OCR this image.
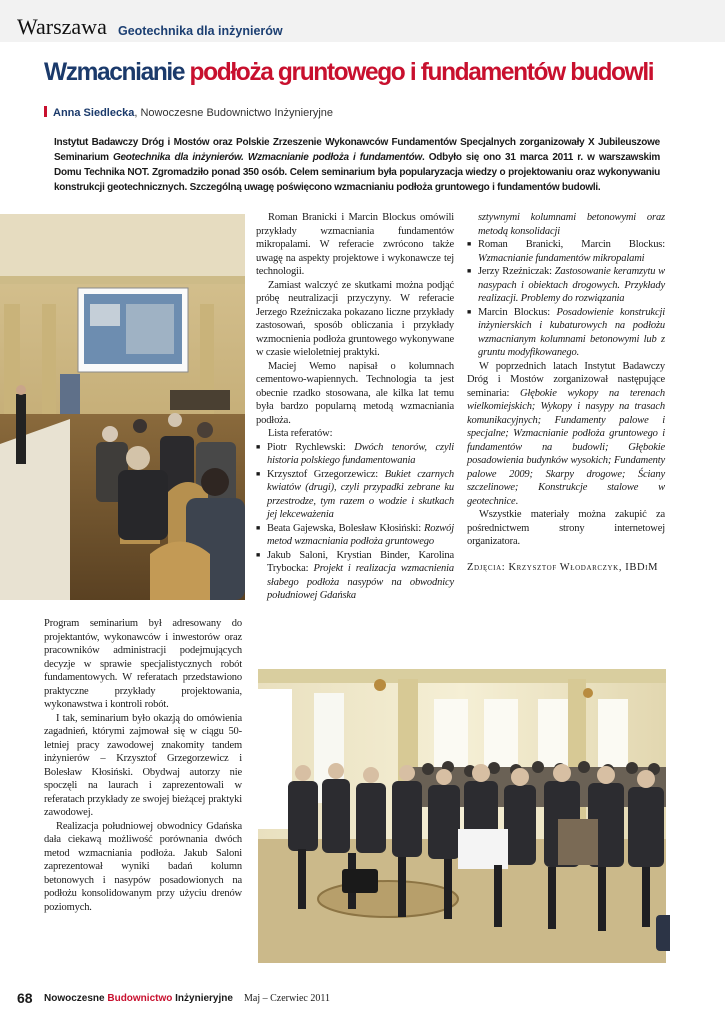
Warszawa Geotechnika dla inżynierów
Wzmacnianie podłoża gruntowego i fundamentów budowli
Anna Siedlecka, Nowoczesne Budownictwo Inżynieryjne
Instytut Badawczy Dróg i Mostów oraz Polskie Zrzeszenie Wykonawców Fundamentów Specjalnych zorganizowały X Jubileuszowe Seminarium Geotechnika dla inżynierów. Wzmacnianie podłoża i fundamentów. Odbyło się ono 31 marca 2011 r. w warszawskim Domu Technika NOT. Zgromadziło ponad 350 osób. Celem seminarium była popularyzacja wiedzy o projektowaniu oraz wykonywaniu konstrukcji geotechnicznych. Szczególną uwagę poświęcono wzmacnianiu podłoża gruntowego i fundamentów budowli.

Program seminarium był adresowany do projektantów, wykonawców i inwestorów oraz pracowników administracji podejmujących decyzje w sprawie specjalistycznych robót fundamentowych. W referatach przedstawiono praktyczne przykłady projektowania, wykonawstwa i kontroli robót.

I tak, seminarium było okazją do omówienia zagadnień, którymi zajmował się w ciągu 50-letniej pracy zawodowej znakomity tandem inżynierów – Krzysztof Grzegorzewicz i Bolesław Kłosiński. Obydwaj autorzy nie spoczęli na laurach i zaprezentowali w referatach przykłady ze swojej bieżącej praktyki zawodowej.

Realizacja południowej obwodnicy Gdańska dała ciekawą możliwość porównania dwóch metod wzmacniania podłoża. Jakub Saloni zaprezentował wyniki badań kolumn betonowych i nasypów posadowionych na podłożu konsolidowanym przy użyciu drenów poziomych.

Roman Branicki i Marcin Blockus omówili przykłady wzmacniania fundamentów mikropalami. W referacie zwrócono także uwagę na aspekty projektowe i wykonawcze tej technologii.

Zamiast walczyć ze skutkami można podjąć próbę neutralizacji przyczyny. W referacie Jerzego Rzeźniczaka pokazano liczne przykłady zastosowań, sposób obliczania i przykłady wzmocnienia podłoża gruntowego wykonywane w czasie wieloletniej praktyki.

Maciej Wemo napisał o kolumnach cementowo-wapiennych. Technologia ta jest obecnie rzadko stosowana, ale kilka lat temu była bardzo popularną metodą wzmacniania podłoża.

Lista referatów:

■ Piotr Rychlewski: Dwóch tenorów, czyli historia polskiego fundamentowania
■ Krzysztof Grzegorzewicz: Bukiet czarnych kwiatów (drugi), czyli przypadki zebrane ku przestrodze, tym razem o wodzie i skutkach jej lekceważenia
■ Beata Gajewska, Bolesław Kłosiński: Rozwój metod wzmacniania podłoża gruntowego
■ Jakub Saloni, Krystian Binder, Karolina Trybocka: Projekt i realizacja wzmacnienia słabego podłoża nasypów na obwodnicy południowej Gdańska

sztywnymi kolumnami betonowymi oraz metodą konsolidacji

■ Roman Branicki, Marcin Blockus: Wzmacnianie fundamentów mikropalami
■ Jerzy Rzeźniczak: Zastosowanie keramzytu w nasypach i obiektach drogowych. Przykłady realizacji. Problemy do rozwiązania
■ Marcin Blockus: Posadowienie konstrukcji inżynierskich i kubaturowych na podłożu wzmacnianym kolumnami betonowymi lub z gruntu modyfikowanego.

W poprzednich latach Instytut Badawczy Dróg i Mostów zorganizował następujące seminaria: Głębokie wykopy na terenach wielkomiejskich; Wykopy i nasypy na trasach komunikacyjnych; Fundamenty palowe i specjalne; Wzmacnianie podłoża gruntowego i fundamentów na budowli; Głębokie posadowienia budynków wysokich; Fundamenty palowe 2009; Skarpy drogowe; Ściany szczelinowe; Konstrukcje stalowe w geotechnice.

Wszystkie materiały można zakupić za pośrednictwem strony internetowej organizatora.

Zdjęcia: Krzysztof Włodarczyk, IBDiM

68 Nowoczesne Budownictwo Inżynieryjne Maj – Czerwiec 2011
